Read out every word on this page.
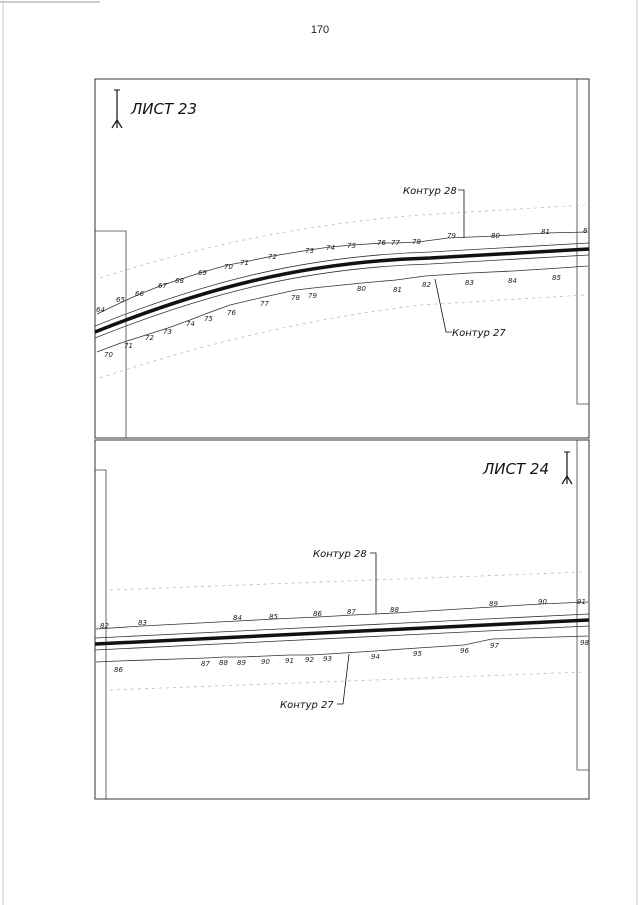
170
ЛИСТ 23
64
65
66
67
68
69
70 71
72
73 74 75	76 77 78
79	80	81	8
70
71
72
73
74
75
76
77
78 79
80	81
82	83	84	85
Контур 28
Контур 27
ЛИСТ 24
82	83
84	85	86	87	88
89	90	91
86
87 88 89 90 91 92 93	94	95	96
97	98
Контур 28
Контур 27
